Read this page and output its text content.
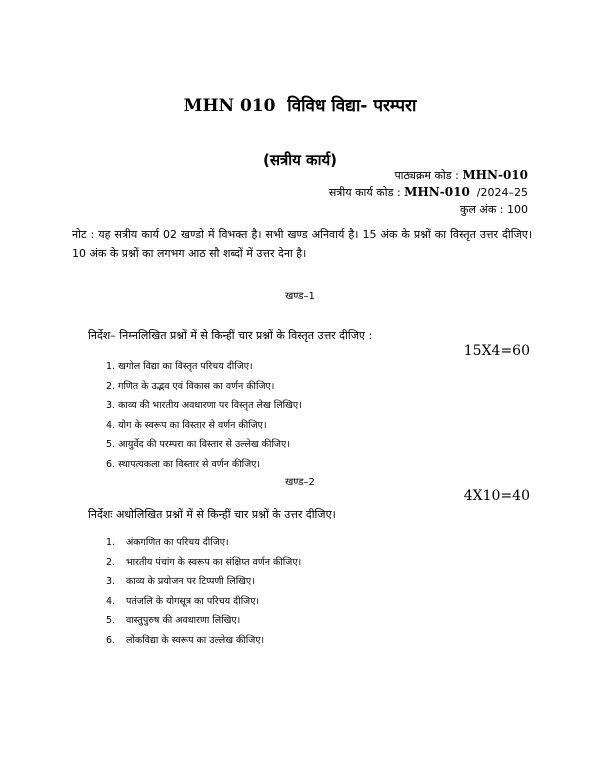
MHN 010 विविध विद्या- परम्परा
(सत्रीय कार्य)
पाठ्यक्रम कोड : MHN-010
सत्रीय कार्य कोड : MHN-010 /2024–25
कुल अंक : 100
नोट : यह सत्रीय कार्य 02 खण्डो में विभक्त है। सभी खण्ड अनिवार्य है। 15 अंक के प्रश्नों का विस्तृत उत्तर दीजिए। 10 अंक के प्रश्नों का लगभग आठ सौ शब्दों में उत्तर देना है।
खण्ड–1
निर्देश– निम्नलिखित प्रश्नों में से किन्हीं चार प्रश्नों के विस्तृत उत्तर दीजिए :
15X4=60
1. खगोल विद्या का विस्तृत परिचय दीजिए।
2. गणित के उद्भव एवं विकास का वर्णन कीजिए।
3. काव्य की भारतीय अवधारणा पर विस्तृत लेख लिखिए।
4. योग के स्वरूप का विस्तार से वर्णन कीजिए।
5. आयुर्वेद की परम्परा का विस्तार से उल्लेख कीजिए।
6. स्थापत्यकला का विस्तार से वर्णन कीजिए।
खण्ड–2
4X10=40
निर्देशः अधोलिखित प्रश्नों में से किन्हीं चार प्रश्नों के उत्तर दीजिए।
1. अंकगणित का परिचय दीजिए।
2. भारतीय पंचांग के स्वरूप का संक्षिप्त वर्णन कीजिए।
3. काव्य के प्रयोजन पर टिप्पणी लिखिए।
4. पतंजलि के योगसूत्र का परिचय दीजिए।
5. वास्तुपुरुष की अवधारणा लिखिए।
6. लोकविद्या के स्वरूप का उल्लेख कीजिए।
